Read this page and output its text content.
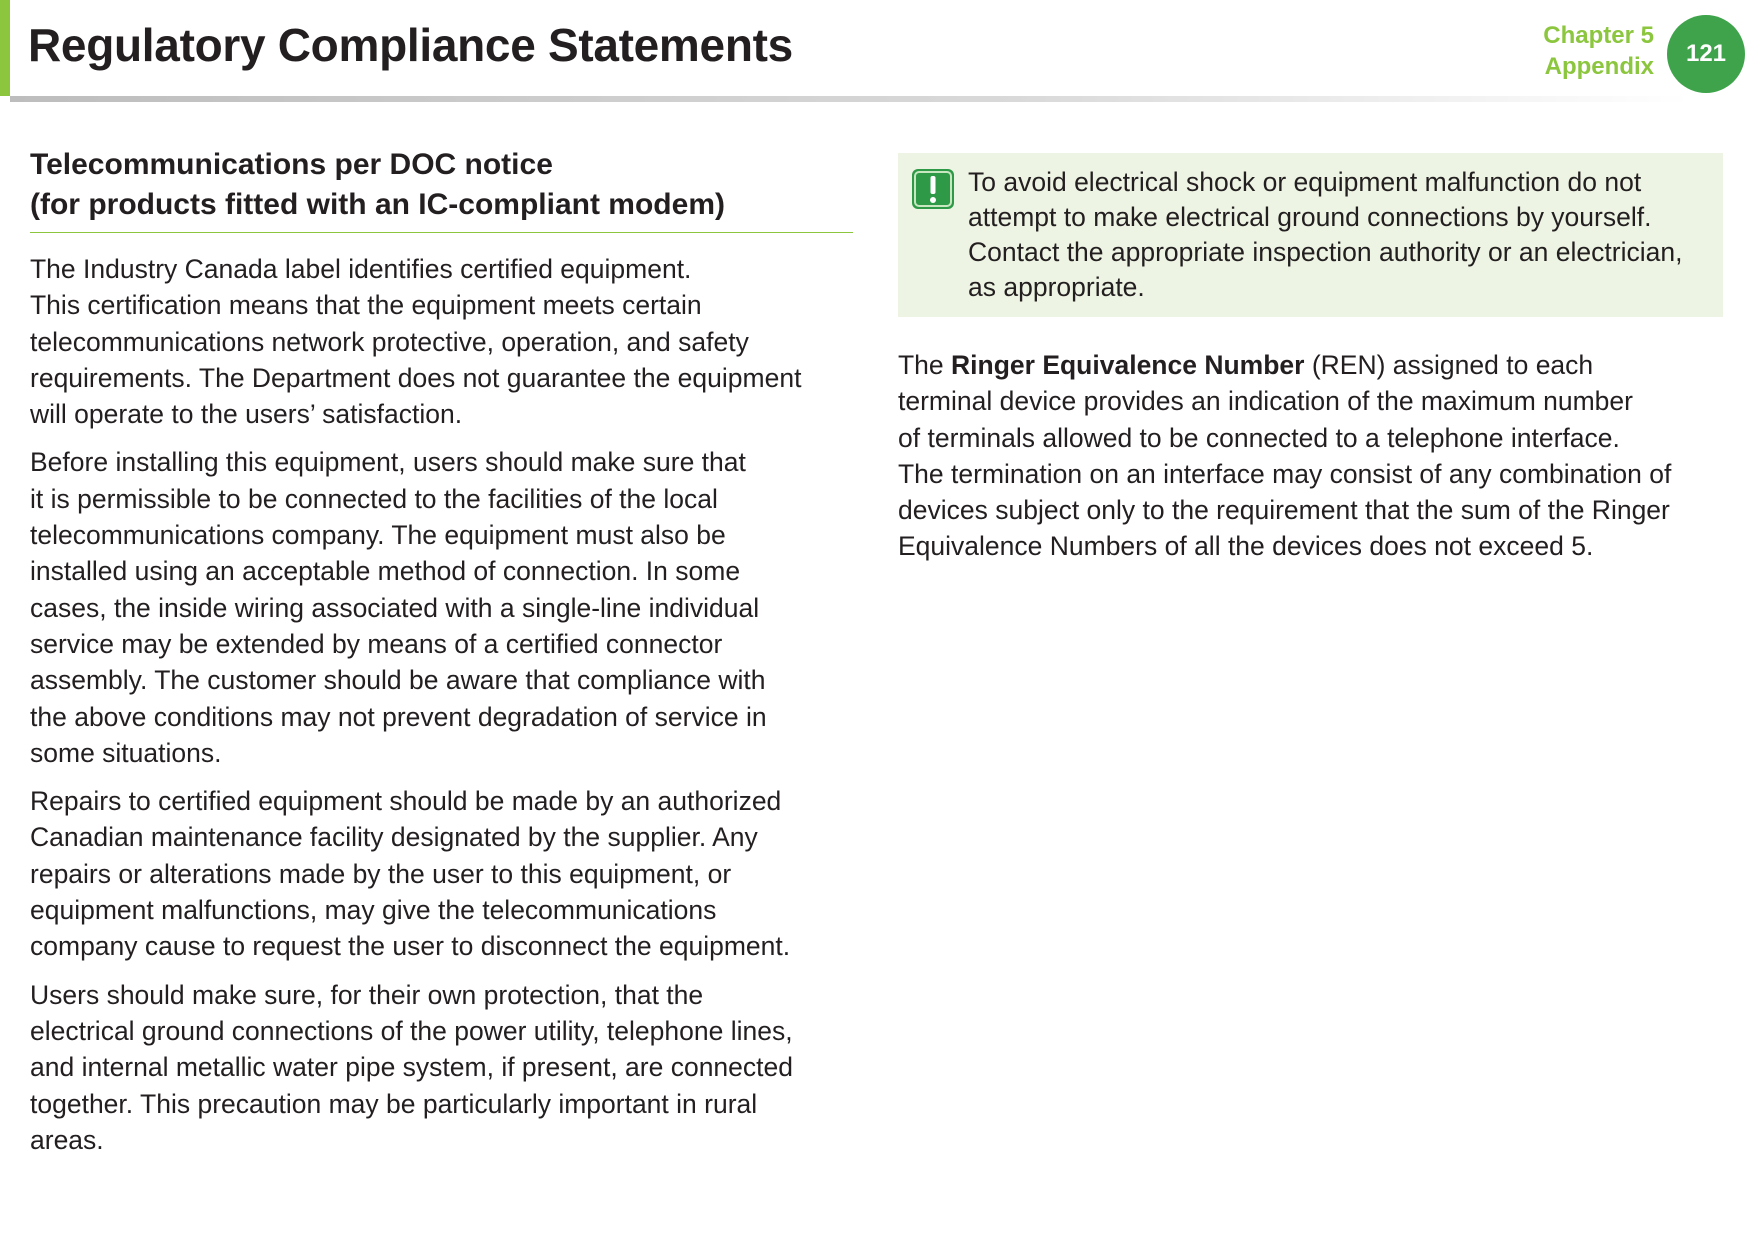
Regulatory Compliance Statements	Chapter 5
Appendix	121
Telecommunications per DOC notice
(for products fitted with an IC-compliant modem)

The Industry Canada label identifies certified equipment.
This certification means that the equipment meets certain
telecommunications network protective, operation, and safety
requirements. The Department does not guarantee the equipment
will operate to the users’ satisfaction.

Before installing this equipment, users should make sure that
it is permissible to be connected to the facilities of the local
telecommunications company. The equipment must also be
installed using an acceptable method of connection. In some
cases, the inside wiring associated with a single-line individual
service may be extended by means of a certified connector
assembly. The customer should be aware that compliance with
the above conditions may not prevent degradation of service in
some situations.

Repairs to certified equipment should be made by an authorized
Canadian maintenance facility designated by the supplier. Any
repairs or alterations made by the user to this equipment, or
equipment malfunctions, may give the telecommunications
company cause to request the user to disconnect the equipment.

Users should make sure, for their own protection, that the
electrical ground connections of the power utility, telephone lines,
and internal metallic water pipe system, if present, are connected
together. This precaution may be particularly important in rural
areas.

To avoid electrical shock or equipment malfunction do not
attempt to make electrical ground connections by yourself.
Contact the appropriate inspection authority or an electrician,
as appropriate.

The Ringer Equivalence Number (REN) assigned to each
terminal device provides an indication of the maximum number
of terminals allowed to be connected to a telephone interface.
The termination on an interface may consist of any combination of
devices subject only to the requirement that the sum of the Ringer
Equivalence Numbers of all the devices does not exceed 5.
